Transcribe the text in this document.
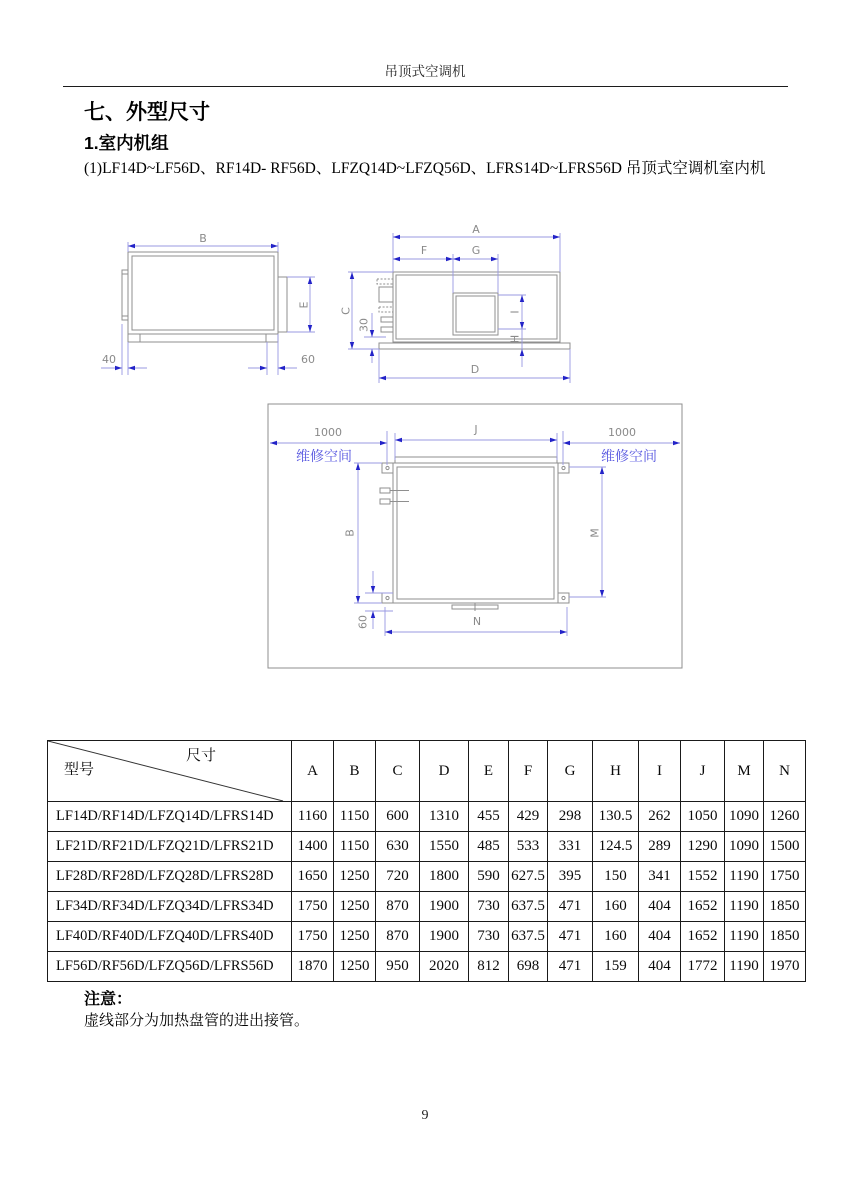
吊顶式空调机
七、外型尺寸
1.室内机组
(1)LF14D~LF56D、RF14D- RF56D、LFZQ14D~LFZQ56D、LFRS14D~LFRS56D 吊顶式空调机室内机
B
E
40	60
A
F	G
C
30
I
H
D
1000
维修空间
J	1000
维修空间
B	M
60	N
尺寸
型号	A	B	C	D	E	F	G	H	I	J	M	N
LF14D/RF14D/LFZQ14D/LFRS14D	1160	1150	600	1310	455	429	298	130.5	262	1050	1090	1260
LF21D/RF21D/LFZQ21D/LFRS21D	1400	1150	630	1550	485	533	331	124.5	289	1290	1090	1500
LF28D/RF28D/LFZQ28D/LFRS28D	1650	1250	720	1800	590	627.5	395	150	341	1552	1190	1750
LF34D/RF34D/LFZQ34D/LFRS34D	1750	1250	870	1900	730	637.5	471	160	404	1652	1190	1850
LF40D/RF40D/LFZQ40D/LFRS40D	1750	1250	870	1900	730	637.5	471	160	404	1652	1190	1850
LF56D/RF56D/LFZQ56D/LFRS56D	1870	1250	950	2020	812	698	471	159	404	1772	1190	1970
注意：
虚线部分为加热盘管的进出接管。
9
